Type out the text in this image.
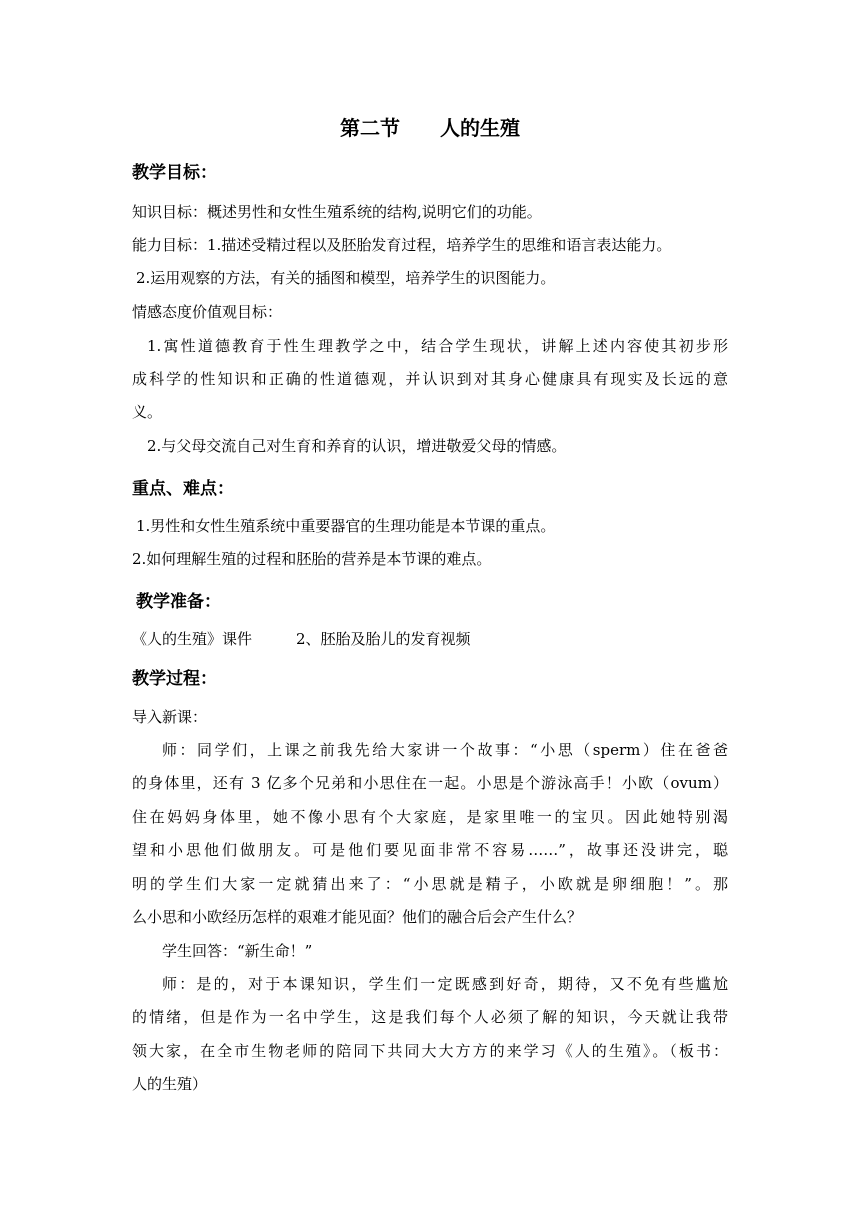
第二节　　人的生殖
教学目标：
知识目标：概述男性和女性生殖系统的结构,说明它们的功能。
能力目标：1.描述受精过程以及胚胎发育过程，培养学生的思维和语言表达能力。
2.运用观察的方法，有关的插图和模型，培养学生的识图能力。
情感态度价值观目标：
1.寓性道德教育于性生理教学之中，结合学生现状，讲解上述内容使其初步形
成科学的性知识和正确的性道德观，并认识到对其身心健康具有现实及长远的意
义。
2.与父母交流自己对生育和养育的认识，增进敬爱父母的情感。
重点、难点：
1.男性和女性生殖系统中重要器官的生理功能是本节课的重点。
2.如何理解生殖的过程和胚胎的营养是本节课的难点。
教学准备：
《人的生殖》课件	2、胚胎及胎儿的发育视频
教学过程：
导入新课：
师：同学们，上课之前我先给大家讲一个故事：“小思（sperm）住在爸爸
的身体里，还有 3 亿多个兄弟和小思住在一起。小思是个游泳高手！小欧（ovum）
住在妈妈身体里，她不像小思有个大家庭，是家里唯一的宝贝。因此她特别渴
望和小思他们做朋友。可是他们要见面非常不容易……”，故事还没讲完，聪
明的学生们大家一定就猜出来了：“小思就是精子，小欧就是卵细胞！”。那
么小思和小欧经历怎样的艰难才能见面？他们的融合后会产生什么？
学生回答：“新生命！”
师：是的，对于本课知识，学生们一定既感到好奇，期待，又不免有些尴尬
的情绪，但是作为一名中学生，这是我们每个人必须了解的知识，今天就让我带
领大家，在全市生物老师的陪同下共同大大方方的来学习《人的生殖》。（板书：
人的生殖）
